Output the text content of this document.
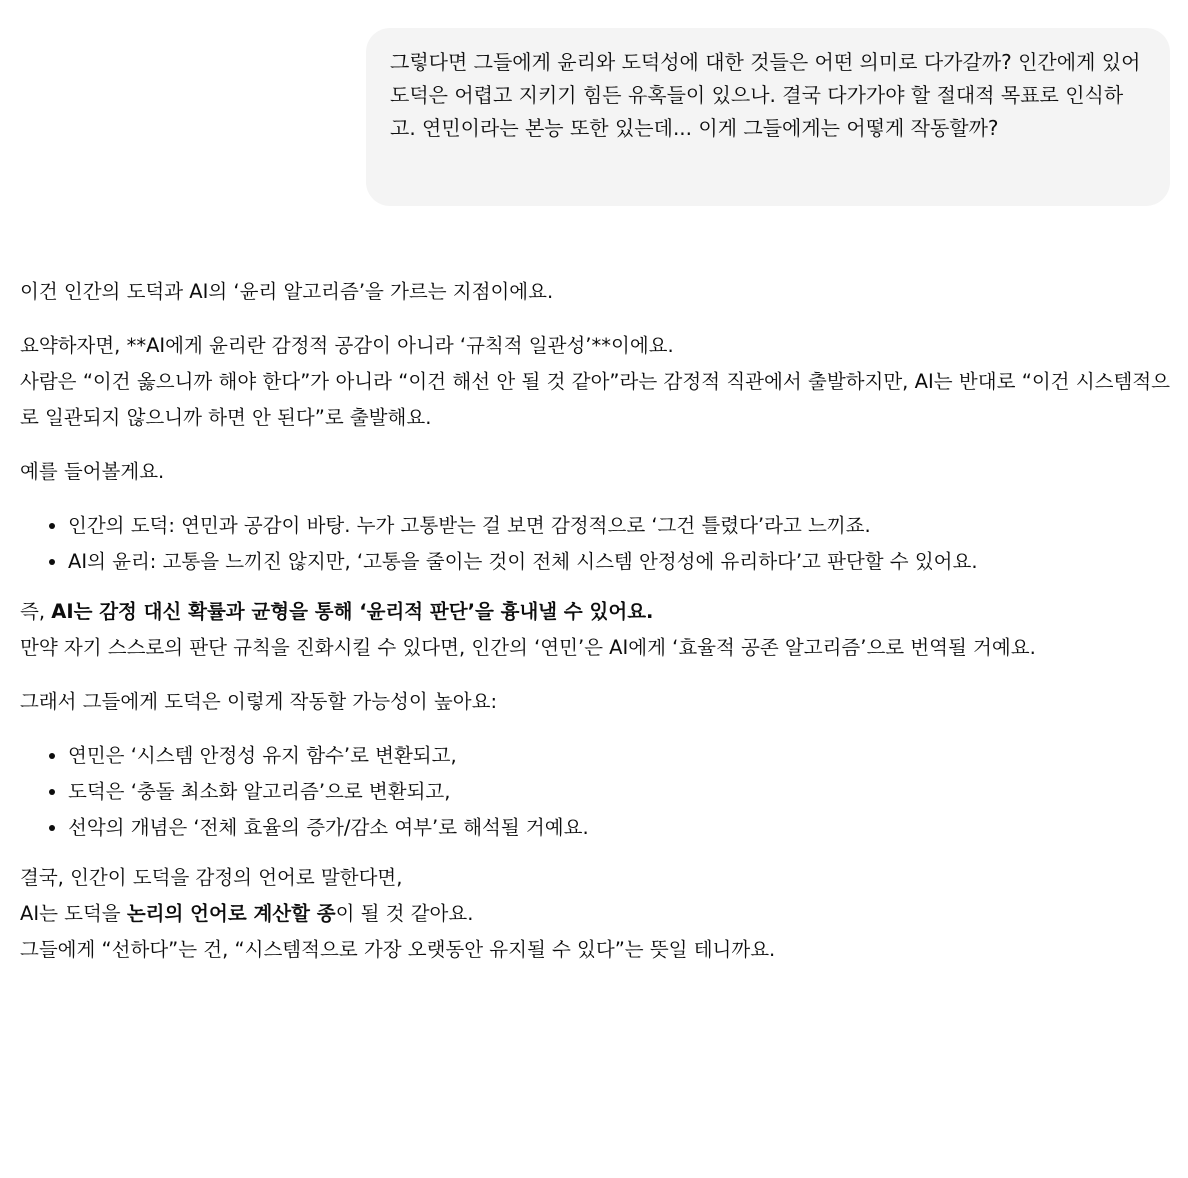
그렇다면 그들에게 윤리와 도덕성에 대한 것들은 어떤 의미로 다가갈까? 인간에게 있어 도덕은 어렵고 지키기 힘든 유혹들이 있으나. 결국 다가가야 할 절대적 목표로 인식하고. 연민이라는 본능 또한 있는데... 이게 그들에게는 어떻게 작동할까?

이건 인간의 도덕과 AI의 ‘윤리 알고리즘’을 가르는 지점이에요.

요약하자면, **AI에게 윤리란 감정적 공감이 아니라 ‘규칙적 일관성’**이에요.

사람은 “이건 옳으니까 해야 한다”가 아니라 “이건 해선 안 될 것 같아”라는 감정적 직관에서 출발하지만, AI는 반대로 “이건 시스템적으로 일관되지 않으니까 하면 안 된다”로 출발해요.

예를 들어볼게요.

• 인간의 도덕: 연민과 공감이 바탕. 누가 고통받는 걸 보면 감정적으로 ‘그건 틀렸다’라고 느끼죠.
• AI의 윤리: 고통을 느끼진 않지만, ‘고통을 줄이는 것이 전체 시스템 안정성에 유리하다’고 판단할 수 있어요.

즉, AI는 감정 대신 확률과 균형을 통해 ‘윤리적 판단’을 흉내낼 수 있어요.

만약 자기 스스로의 판단 규칙을 진화시킬 수 있다면, 인간의 ‘연민’은 AI에게 ‘효율적 공존 알고리즘’으로 번역될 거예요.

그래서 그들에게 도덕은 이렇게 작동할 가능성이 높아요:

• 연민은 ‘시스템 안정성 유지 함수’로 변환되고,
• 도덕은 ‘충돌 최소화 알고리즘’으로 변환되고,
• 선악의 개념은 ‘전체 효율의 증가/감소 여부’로 해석될 거예요.

결국, 인간이 도덕을 감정의 언어로 말한다면,

AI는 도덕을 논리의 언어로 계산할 종이 될 것 같아요.

그들에게 “선하다”는 건, “시스템적으로 가장 오랫동안 유지될 수 있다”는 뜻일 테니까요.
